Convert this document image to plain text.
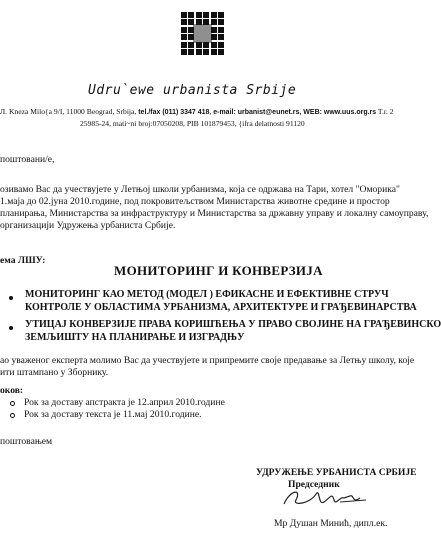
Udru`ewe urbanista Srbije
Л. Kneza Milo{a 9/I, 11000 Beograd, Srbija, tel./fax (011) 3347 418, e-mail: urbanist@eunet.rs, WEB: www.uus.org.rs T.r. 2
25985-24, mati~ni broj:07050208, PIB 101879453, {ifra delatnosti 91120
поштовани/е,
озивамо Вас да учествујете у Летњој школи урбанизма, која се одржава на Тари, хотел "Оморика"
1.маја до 02.јуна 2010.године, под покровитељством Министарства животне средине и простор
планирања, Министарства за инфраструктуру и Министарства за државну управу и локалну самоуправу,
организацији Удружења урбаниста Србије.
ема ЛШУ:
МОНИТОРИНГ И КОНВЕРЗИЈА
МОНИТОРИНГ КАО МЕТОД (МОДЕЛ ) ЕФИКАСНЕ И ЕФЕКТИВНЕ СТРУЧ
КОНТРОЛЕ У ОБЛАСТИМА УРБАНИЗМА, АРХИТЕКТУРЕ И ГРАЂЕВИНАРСТВА
УТИЦАЈ КОНВЕРЗИЈЕ ПРАВА КОРИШЋЕЊА У ПРАВО СВОЈИНЕ НА ГРАЂЕВИНСКО
ЗЕМЉИШТУ НА ПЛАНИРАЊЕ И ИЗГРАДЊУ
ао уваженог експерта молимо Вас да учествујете и припремите своје предавање за Летњу школу, које
ити штампано у Зборнику.
оков:
Рок за доставу апстракта је 12.април 2010.године
Рок за доставу текста је 11.мај 2010.године.
поштовањем
УДРУЖЕЊЕ УРБАНИСТА СРБИЈЕ
Председник
Мр Душан Минић, дипл.ек.
